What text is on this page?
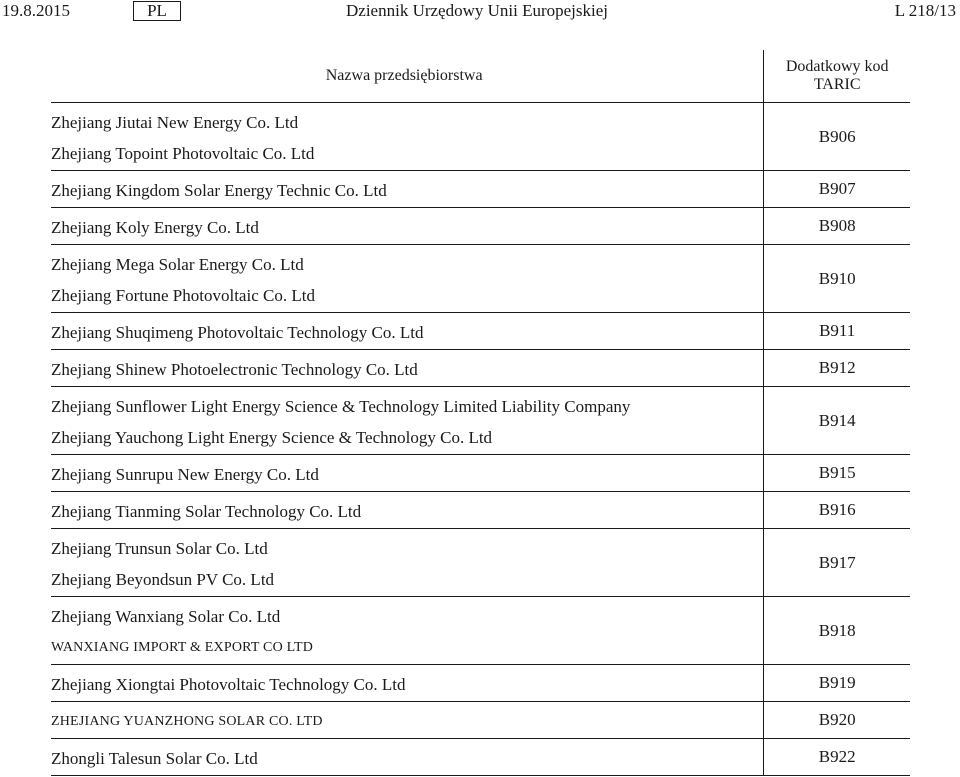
19.8.2015	PL	Dziennik Urzędowy Unii Europejskiej	L 218/13
Nazwa przedsiębiorstwa	Dodatkowy kod
TARIC

Zhejiang Jiutai New Energy Co. Ltd
Zhejiang Topoint Photovoltaic Co. Ltd	B906

Zhejiang Kingdom Solar Energy Technic Co. Ltd	B907

Zhejiang Koly Energy Co. Ltd	B908

Zhejiang Mega Solar Energy Co. Ltd
Zhejiang Fortune Photovoltaic Co. Ltd	B910

Zhejiang Shuqimeng Photovoltaic Technology Co. Ltd	B911

Zhejiang Shinew Photoelectronic Technology Co. Ltd	B912

Zhejiang Sunflower Light Energy Science & Technology Limited Liability Company
Zhejiang Yauchong Light Energy Science & Technology Co. Ltd	B914

Zhejiang Sunrupu New Energy Co. Ltd	B915

Zhejiang Tianming Solar Technology Co. Ltd	B916

Zhejiang Trunsun Solar Co. Ltd
Zhejiang Beyondsun PV Co. Ltd	B917

Zhejiang Wanxiang Solar Co. Ltd
WANXIANG IMPORT & EXPORT CO LTD	B918

Zhejiang Xiongtai Photovoltaic Technology Co. Ltd	B919

ZHEJIANG YUANZHONG SOLAR CO. LTD	B920

Zhongli Talesun Solar Co. Ltd	B922
